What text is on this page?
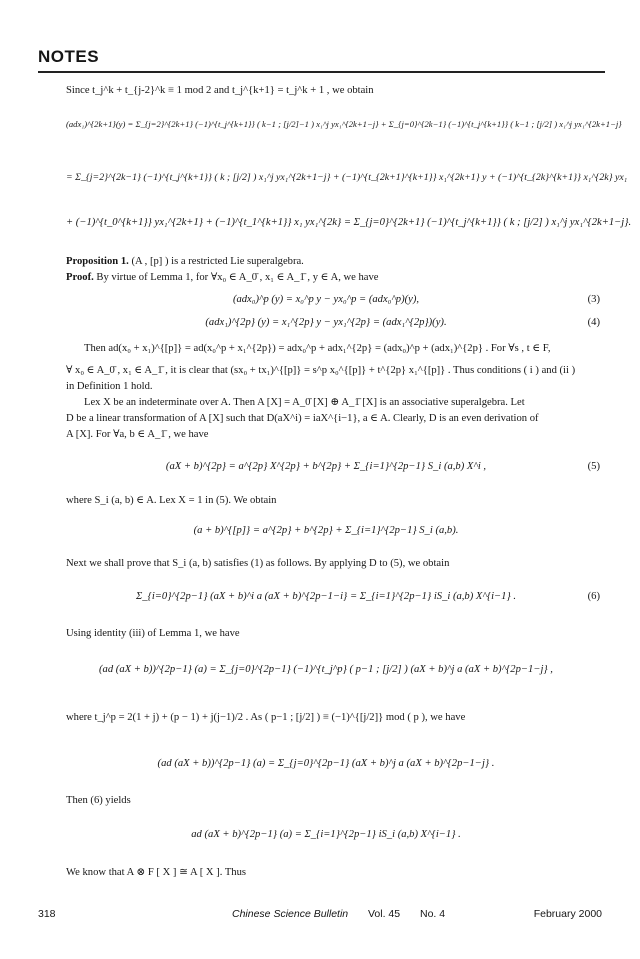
NOTES
Since t_j^k + t_{j-2}^k ≡ 1 mod 2 and t_j^{k+1} = t_j^k + 1 , we obtain
(adx₁)^{2k+1}(y) = Σ_{j=2}^{2k+1} (−1)^{t_j^{k+1}} ( k−1 ; [j/2]−1 ) x₁^j yx₁^{2k+1−j} + Σ_{j=0}^{2k−1} (−1)^{t_j^{k+1}} ( k−1 ; [j/2] ) x₁^j yx₁^{2k+1−j}
= Σ_{j=2}^{2k−1} (−1)^{t_j^{k+1}} ( k ; [j/2] ) x₁^j yx₁^{2k+1−j} + (−1)^{t_{2k+1}^{k+1}} x₁^{2k+1} y + (−1)^{t_{2k}^{k+1}} x₁^{2k} yx₁
+ (−1)^{t_0^{k+1}} yx₁^{2k+1} + (−1)^{t_1^{k+1}} x₁ yx₁^{2k} = Σ_{j=0}^{2k+1} (−1)^{t_j^{k+1}} ( k ; [j/2] ) x₁^j yx₁^{2k+1−j}.
Proposition 1. (A , [p] ) is a restricted Lie superalgebra.
Proof. By virtue of Lemma 1, for ∀x₀ ∈ A_0̄ , x₁ ∈ A_1̄ , y ∈ A, we have
(adx₀)^p (y) = x₀^p y − yx₀^p = (adx₀^p)(y),	(3)
(adx₁)^{2p} (y) = x₁^{2p} y − yx₁^{2p} = (adx₁^{2p})(y).	(4)
Then ad(x₀ + x₁)^{[p]} = ad(x₀^p + x₁^{2p}) = adx₀^p + adx₁^{2p} = (adx₀)^p + (adx₁)^{2p} . For ∀s , t ∈ F,
∀ x₀ ∈ A_0̄ , x₁ ∈ A_1̄ , it is clear that (sx₀ + tx₁)^{[p]} = s^p x₀^{[p]} + t^{2p} x₁^{[p]} . Thus conditions ( i ) and (ii )
in Definition 1 hold.
Lex X be an indeterminate over A. Then A [X] = A_0̄ [X] ⊕ A_1̄ [X] is an associative superalgebra. Let
D be a linear transformation of A [X] such that D(aX^i) = iaX^{i−1}, a ∈ A. Clearly, D is an even derivation of
A [X]. For ∀a, b ∈ A_1̄ , we have
(aX + b)^{2p} = a^{2p} X^{2p} + b^{2p} + Σ_{i=1}^{2p−1} S_i (a,b) X^i ,	(5)
where S_i (a, b) ∈ A. Lex X = 1 in (5). We obtain
(a + b)^{[p]} = a^{2p} + b^{2p} + Σ_{i=1}^{2p−1} S_i (a,b).
Next we shall prove that S_i (a, b) satisfies (1) as follows. By applying D to (5), we obtain
Σ_{i=0}^{2p−1} (aX + b)^i a (aX + b)^{2p−1−i} = Σ_{i=1}^{2p−1} iS_i (a,b) X^{i−1} .	(6)
Using identity (iii) of Lemma 1, we have
(ad (aX + b))^{2p−1} (a) = Σ_{j=0}^{2p−1} (−1)^{t_j^p} ( p−1 ; [j/2] ) (aX + b)^j a (aX + b)^{2p−1−j} ,
where t_j^p = 2(1 + j) + (p − 1) + j(j−1)/2 . As ( p−1 ; [j/2] ) ≡ (−1)^{[j/2]} mod ( p ), we have
(ad (aX + b))^{2p−1} (a) = Σ_{j=0}^{2p−1} (aX + b)^j a (aX + b)^{2p−1−j} .
Then (6) yields
ad (aX + b)^{2p−1} (a) = Σ_{i=1}^{2p−1} iS_i (a,b) X^{i−1} .
We know that A ⊗ F [ X ] ≅ A [ X ]. Thus
318	Chinese Science Bulletin Vol. 45 No. 4	February 2000
